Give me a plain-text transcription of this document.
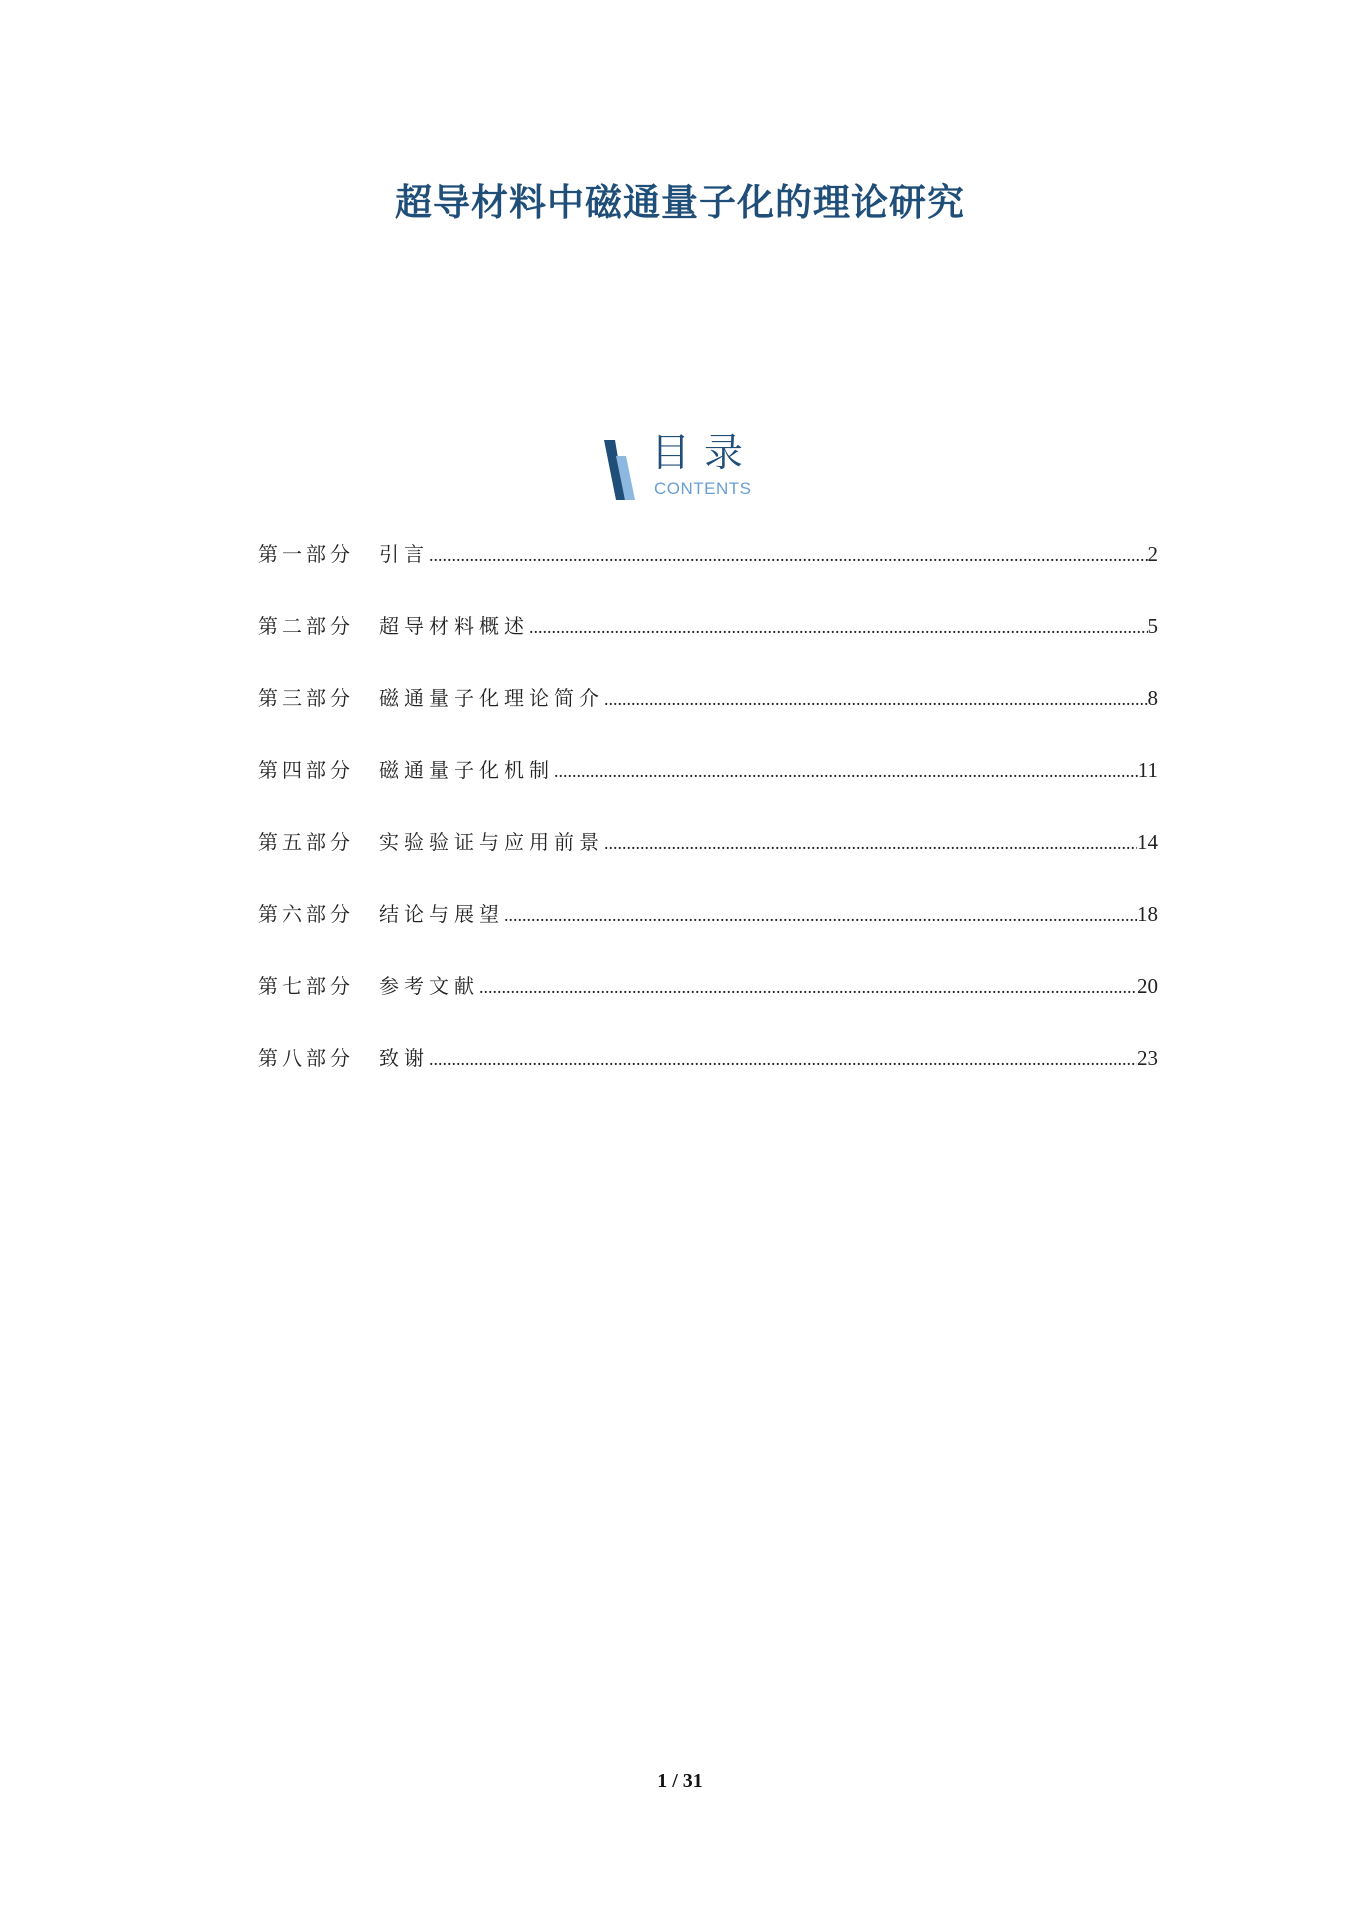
超导材料中磁通量子化的理论研究
目录
CONTENTS
第一部分	引言 .....	2
第二部分	超导材料概述 .....	5
第三部分	磁通量子化理论简介 .....	8
第四部分	磁通量子化机制 .....	11
第五部分	实验验证与应用前景 .....	14
第六部分	结论与展望 .....	18
第七部分	参考文献 .....	20
第八部分	致谢 .....	23
1 / 31
